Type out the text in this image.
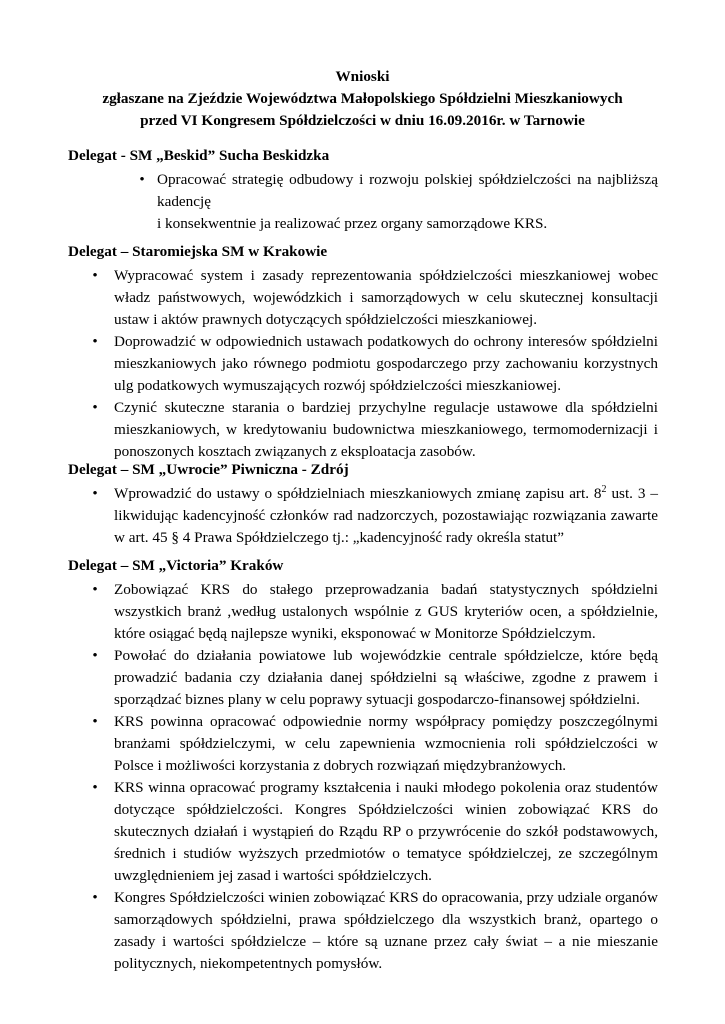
Wnioski
zgłaszane na Zjeździe Województwa Małopolskiego Spółdzielni Mieszkaniowych
przed VI Kongresem Spółdzielczości w dniu 16.09.2016r. w Tarnowie
Delegat - SM „Beskid” Sucha Beskidzka
• Opracować strategię odbudowy i rozwoju polskiej spółdzielczości na najbliższą kadencję
i konsekwentnie ja realizować przez organy samorządowe KRS.
Delegat – Staromiejska SM w Krakowie
• Wypracować system i zasady reprezentowania spółdzielczości mieszkaniowej wobec władz państwowych, wojewódzkich i samorządowych w celu skutecznej konsultacji ustaw i aktów prawnych dotyczących spółdzielczości mieszkaniowej.
• Doprowadzić w odpowiednich ustawach podatkowych do ochrony interesów spółdzielni mieszkaniowych jako równego podmiotu gospodarczego przy zachowaniu korzystnych ulg podatkowych wymuszających rozwój spółdzielczości mieszkaniowej.
• Czynić skuteczne starania o bardziej przychylne regulacje ustawowe dla spółdzielni mieszkaniowych, w kredytowaniu budownictwa mieszkaniowego, termomodernizacji i ponoszonych kosztach związanych z eksploatacja zasobów.
Delegat – SM „Uwrocie” Piwniczna - Zdrój
• Wprowadzić do ustawy o spółdzielniach mieszkaniowych zmianę zapisu art. $8^2$ ust. 3 – likwidując kadencyjność członków rad nadzorczych, pozostawiając rozwiązania zawarte w art. 45 § 4 Prawa Spółdzielczego tj.: „kadencyjność rady określa statut”
Delegat – SM „Victoria” Kraków
• Zobowiązać KRS do stałego przeprowadzania badań statystycznych spółdzielni wszystkich branż ,według ustalonych wspólnie z GUS kryteriów ocen, a spółdzielnie, które osiągać będą najlepsze wyniki, eksponować w Monitorze Spółdzielczym.
• Powołać do działania powiatowe lub wojewódzkie centrale spółdzielcze, które będą prowadzić badania czy działania danej spółdzielni są właściwe, zgodne z prawem i sporządzać biznes plany w celu poprawy sytuacji gospodarczo-finansowej spółdzielni.
• KRS powinna opracować odpowiednie normy współpracy pomiędzy poszczególnymi branżami spółdzielczymi, w celu zapewnienia wzmocnienia roli spółdzielczości w Polsce i możliwości korzystania z dobrych rozwiązań międzybranżowych.
• KRS winna opracować programy kształcenia i nauki młodego pokolenia oraz studentów dotyczące spółdzielczości. Kongres Spółdzielczości winien zobowiązać KRS do skutecznych działań i wystąpień do Rządu RP o przywrócenie do szkół podstawowych, średnich i studiów wyższych przedmiotów o tematyce spółdzielczej, ze szczególnym uwzględnieniem jej zasad i wartości spółdzielczych.
• Kongres Spółdzielczości winien zobowiązać KRS do opracowania, przy udziale organów samorządowych spółdzielni, prawa spółdzielczego dla wszystkich branż, opartego o zasady i wartości spółdzielcze – które są uznane przez cały świat – a nie mieszanie politycznych, niekompetentnych pomysłów.
